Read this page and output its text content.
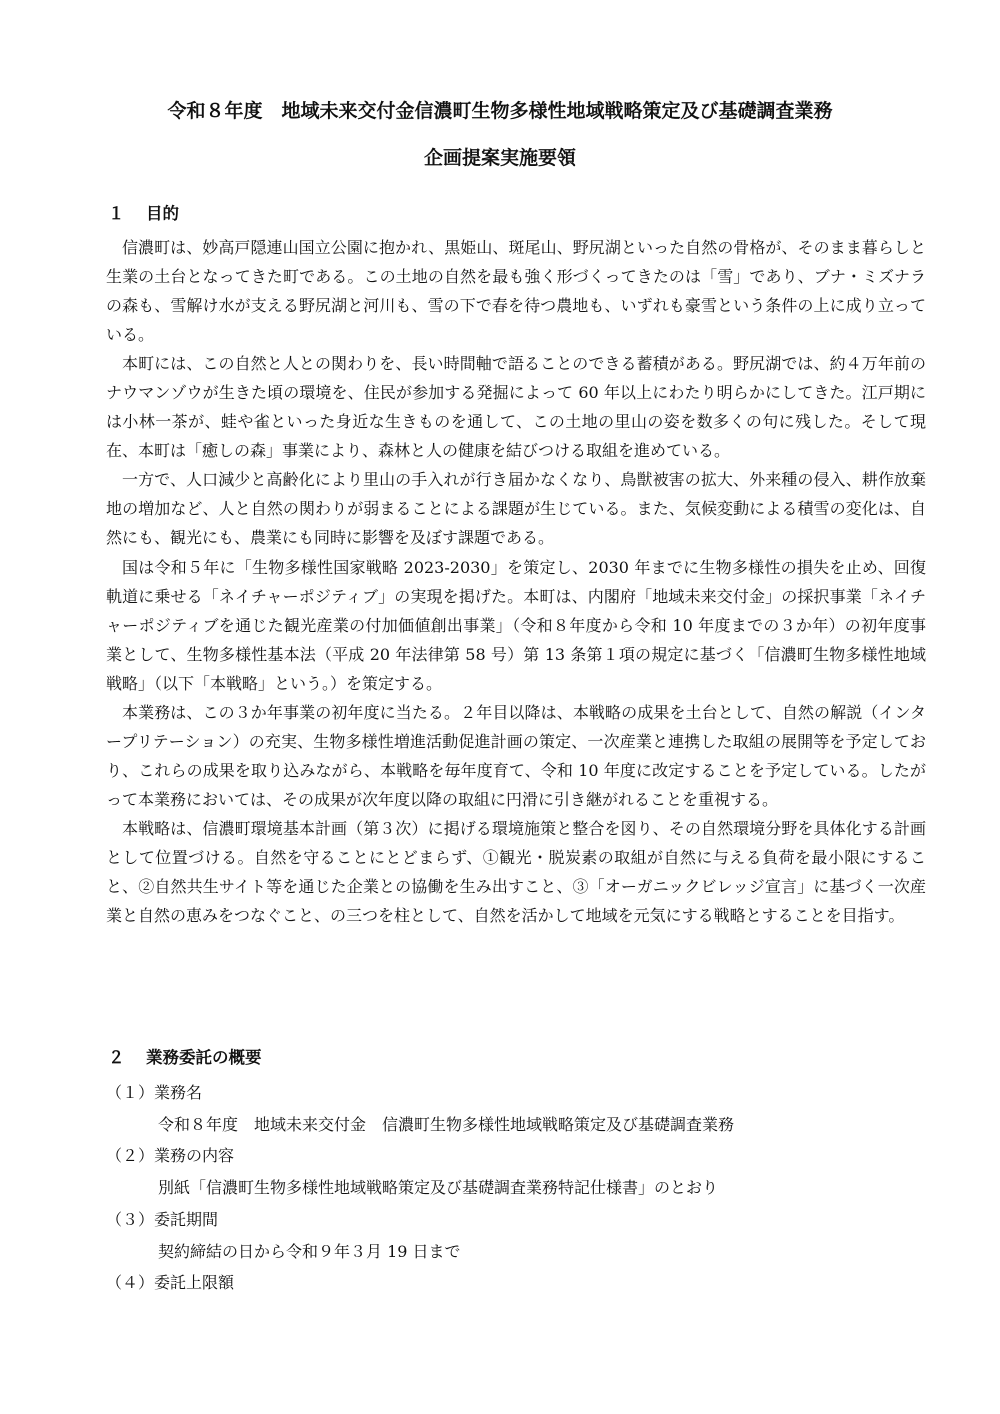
令和８年度　地域未来交付金信濃町生物多様性地域戦略策定及び基礎調査業務
企画提案実施要領
１ 目的

信濃町は、妙高戸隠連山国立公園に抱かれ、黒姫山、斑尾山、野尻湖といった自然の骨格が、そのまま暮らしと生業の土台となってきた町である。この土地の自然を最も強く形づくってきたのは「雪」であり、ブナ・ミズナラの森も、雪解け水が支える野尻湖と河川も、雪の下で春を待つ農地も、いずれも豪雪という条件の上に成り立っている。

本町には、この自然と人との関わりを、長い時間軸で語ることのできる蓄積がある。野尻湖では、約４万年前のナウマンゾウが生きた頃の環境を、住民が参加する発掘によって 60 年以上にわたり明らかにしてきた。江戸期には小林一茶が、蛙や雀といった身近な生きものを通して、この土地の里山の姿を数多くの句に残した。そして現在、本町は「癒しの森」事業により、森林と人の健康を結びつける取組を進めている。

一方で、人口減少と高齢化により里山の手入れが行き届かなくなり、鳥獣被害の拡大、外来種の侵入、耕作放棄地の増加など、人と自然の関わりが弱まることによる課題が生じている。また、気候変動による積雪の変化は、自然にも、観光にも、農業にも同時に影響を及ぼす課題である。

国は令和５年に「生物多様性国家戦略 2023-2030」を策定し、2030 年までに生物多様性の損失を止め、回復軌道に乗せる「ネイチャーポジティブ」の実現を掲げた。本町は、内閣府「地域未来交付金」の採択事業「ネイチャーポジティブを通じた観光産業の付加価値創出事業」（令和８年度から令和 10 年度までの３か年）の初年度事業として、生物多様性基本法（平成 20 年法律第 58 号）第 13 条第１項の規定に基づく「信濃町生物多様性地域戦略」（以下「本戦略」という。）を策定する。

本業務は、この３か年事業の初年度に当たる。２年目以降は、本戦略の成果を土台として、自然の解説（インタープリテーション）の充実、生物多様性増進活動促進計画の策定、一次産業と連携した取組の展開等を予定しており、これらの成果を取り込みながら、本戦略を毎年度育て、令和 10 年度に改定することを予定している。したがって本業務においては、その成果が次年度以降の取組に円滑に引き継がれることを重視する。

本戦略は、信濃町環境基本計画（第３次）に掲げる環境施策と整合を図り、その自然環境分野を具体化する計画として位置づける。自然を守ることにとどまらず、①観光・脱炭素の取組が自然に与える負荷を最小限にすること、②自然共生サイト等を通じた企業との協働を生み出すこと、③「オーガニックビレッジ宣言」に基づく一次産業と自然の恵みをつなぐこと、の三つを柱として、自然を活かして地域を元気にする戦略とすることを目指す。

２ 業務委託の概要

（１）業務名

令和８年度　地域未来交付金　信濃町生物多様性地域戦略策定及び基礎調査業務

（２）業務の内容

別紙「信濃町生物多様性地域戦略策定及び基礎調査業務特記仕様書」のとおり

（３）委託期間

契約締結の日から令和９年３月 19 日まで

（４）委託上限額
